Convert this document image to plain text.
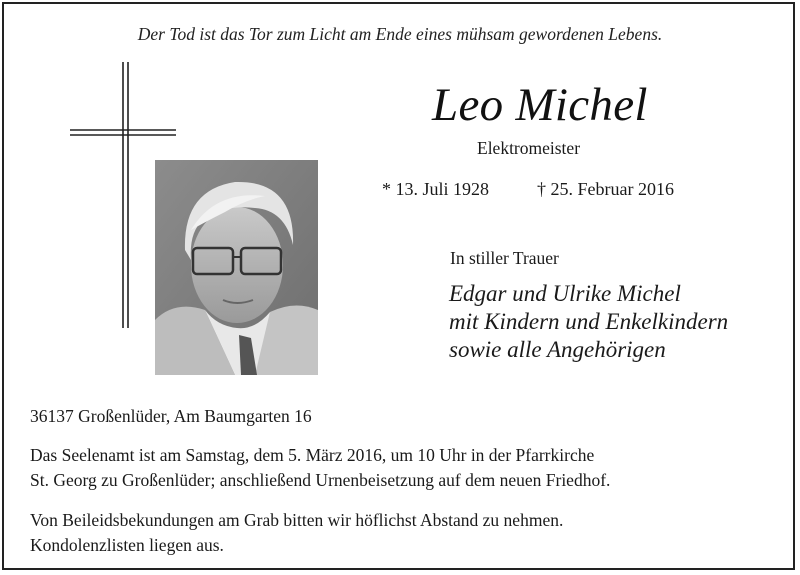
Der Tod ist das Tor zum Licht am Ende eines mühsam gewordenen Lebens.
Leo Michel
Elektromeister
* 13. Juli 1928	† 25. Februar 2016
In stiller Trauer
Edgar und Ulrike Michel
mit Kindern und Enkelkindern
sowie alle Angehörigen
36137 Großenlüder, Am Baumgarten 16
Das Seelenamt ist am Samstag, dem 5. März 2016, um 10 Uhr in der Pfarrkirche
St. Georg zu Großenlüder; anschließend Urnenbeisetzung auf dem neuen Friedhof.
Von Beileidsbekundungen am Grab bitten wir höflichst Abstand zu nehmen.
Kondolenzlisten liegen aus.
